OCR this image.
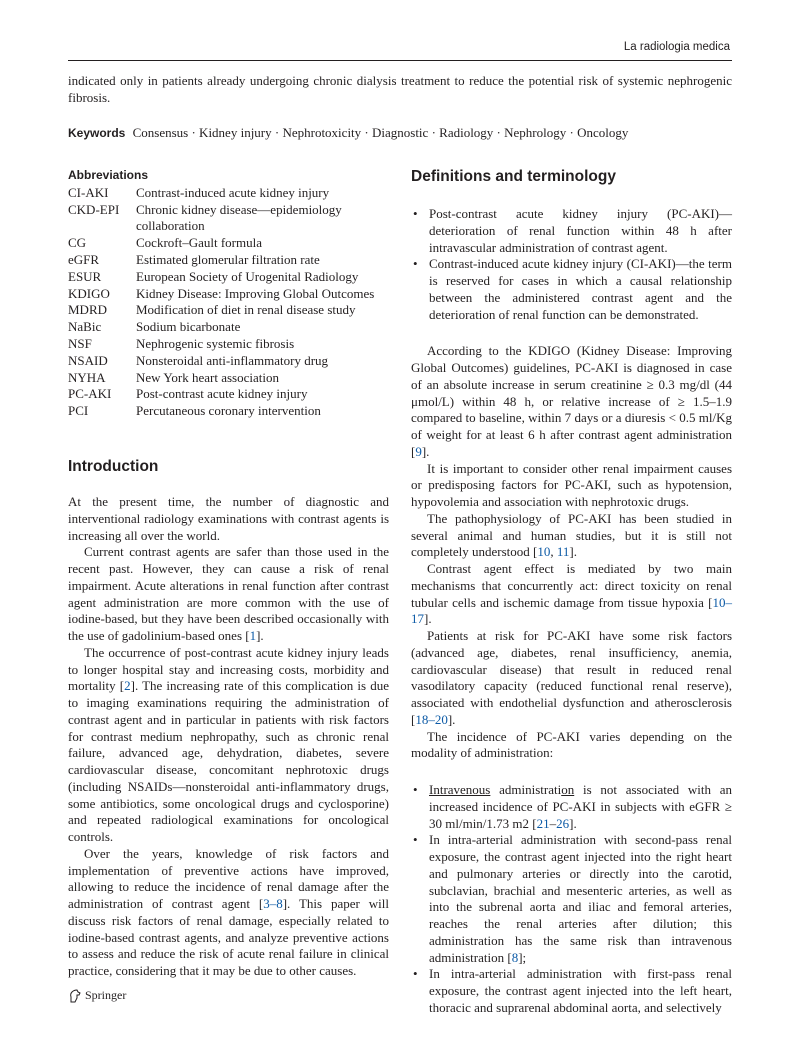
La radiologia medica
indicated only in patients already undergoing chronic dialysis treatment to reduce the potential risk of systemic nephrogenic fibrosis.
Keywords Consensus · Kidney injury · Nephrotoxicity · Diagnostic · Radiology · Nephrology · Oncology
Abbreviations
CI-AKI	Contrast-induced acute kidney injury
CKD-EPI	Chronic kidney disease—epidemiology collaboration
CG	Cockroft–Gault formula
eGFR	Estimated glomerular filtration rate
ESUR	European Society of Urogenital Radiology
KDIGO	Kidney Disease: Improving Global Outcomes
MDRD	Modification of diet in renal disease study
NaBic	Sodium bicarbonate
NSF	Nephrogenic systemic fibrosis
NSAID	Nonsteroidal anti-inflammatory drug
NYHA	New York heart association
PC-AKI	Post-contrast acute kidney injury
PCI	Percutaneous coronary intervention
Introduction

At the present time, the number of diagnostic and interventional radiology examinations with contrast agents is increasing all over the world.

Current contrast agents are safer than those used in the recent past. However, they can cause a risk of renal impairment. Acute alterations in renal function after contrast agent administration are more common with the use of iodine-based, but they have been described occasionally with the use of gadolinium-based ones [1].

The occurrence of post-contrast acute kidney injury leads to longer hospital stay and increasing costs, morbidity and mortality [2]. The increasing rate of this complication is due to imaging examinations requiring the administration of contrast agent and in particular in patients with risk factors for contrast medium nephropathy, such as chronic renal failure, advanced age, dehydration, diabetes, severe cardiovascular disease, concomitant nephrotoxic drugs (including NSAIDs—nonsteroidal anti-inflammatory drugs, some antibiotics, some oncological drugs and cyclosporine) and repeated radiological examinations for oncological controls.

Over the years, knowledge of risk factors and implementation of preventive actions have improved, allowing to reduce the incidence of renal damage after the administration of contrast agent [3–8]. This paper will discuss risk factors of renal damage, especially related to iodine-based contrast agents, and analyze preventive actions to assess and reduce the risk of acute renal failure in clinical practice, considering that it may be due to other causes.

Definitions and terminology
• Post-contrast acute kidney injury (PC-AKI)—deterioration of renal function within 48 h after intravascular administration of contrast agent.
• Contrast-induced acute kidney injury (CI-AKI)—the term is reserved for cases in which a causal relationship between the administered contrast agent and the deterioration of renal function can be demonstrated.

According to the KDIGO (Kidney Disease: Improving Global Outcomes) guidelines, PC-AKI is diagnosed in case of an absolute increase in serum creatinine ≥ 0.3 mg/dl (44 μmol/L) within 48 h, or relative increase of ≥ 1.5–1.9 compared to baseline, within 7 days or a diuresis < 0.5 ml/Kg of weight for at least 6 h after contrast agent administration [9].

It is important to consider other renal impairment causes or predisposing factors for PC-AKI, such as hypotension, hypovolemia and association with nephrotoxic drugs.

The pathophysiology of PC-AKI has been studied in several animal and human studies, but it is still not completely understood [10, 11].

Contrast agent effect is mediated by two main mechanisms that concurrently act: direct toxicity on renal tubular cells and ischemic damage from tissue hypoxia [10–17].

Patients at risk for PC-AKI have some risk factors (advanced age, diabetes, renal insufficiency, anemia, cardiovascular disease) that result in reduced renal vasodilatory capacity (reduced functional renal reserve), associated with endothelial dysfunction and atherosclerosis [18–20].

The incidence of PC-AKI varies depending on the modality of administration:

• Intravenous administration is not associated with an increased incidence of PC-AKI in subjects with eGFR ≥ 30 ml/min/1.73 m2 [21–26].
• In intra-arterial administration with second-pass renal exposure, the contrast agent injected into the right heart and pulmonary arteries or directly into the carotid, subclavian, brachial and mesenteric arteries, as well as into the subrenal aorta and iliac and femoral arteries, reaches the renal arteries after dilution; this administration has the same risk than intravenous administration [8];
• In intra-arterial administration with first-pass renal exposure, the contrast agent injected into the left heart, thoracic and suprarenal abdominal aorta, and selectively
Springer
